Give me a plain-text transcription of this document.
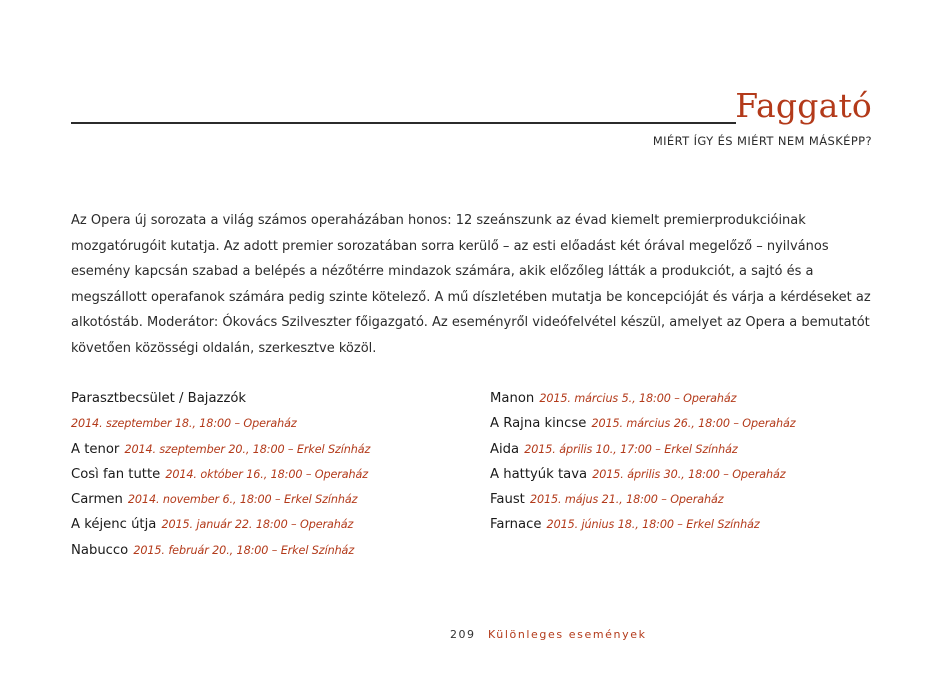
Faggató
MIÉRT ÍGY ÉS MIÉRT NEM MÁSKÉPP?

Az Opera új sorozata a világ számos operaházában honos: 12 szeánszunk az évad kiemelt premierprodukcióinak mozgatórugóit kutatja. Az adott premier sorozatában sorra kerülő – az esti előadást két órával megelőző – nyilvános esemény kapcsán szabad a belépés a nézőtérre mindazok számára, akik előzőleg látták a produkciót, a sajtó és a megszállott operafanok számára pedig szinte kötelező. A mű díszletében mutatja be koncepcióját és várja a kérdéseket az alkotóstáb. Moderátor: Ókovács Szilveszter főigazgató. Az eseményről videófelvétel készül, amelyet az Opera a bemutatót követően közösségi oldalán, szerkesztve közöl.

Parasztbecsület / Bajazzók
2014. szeptember 18., 18:00 – Operaház
A tenor 2014. szeptember 20., 18:00 – Erkel Színház
Così fan tutte 2014. október 16., 18:00 – Operaház
Carmen 2014. november 6., 18:00 – Erkel Színház
A kéjenc útja 2015. január 22. 18:00 – Operaház
Nabucco 2015. február 20., 18:00 – Erkel Színház
Manon 2015. március 5., 18:00 – Operaház
A Rajna kincse 2015. március 26., 18:00 – Operaház
Aida 2015. április 10., 17:00 – Erkel Színház
A hattyúk tava 2015. április 30., 18:00 – Operaház
Faust 2015. május 21., 18:00 – Operaház
Farnace 2015. június 18., 18:00 – Erkel Színház
209 Különleges események
